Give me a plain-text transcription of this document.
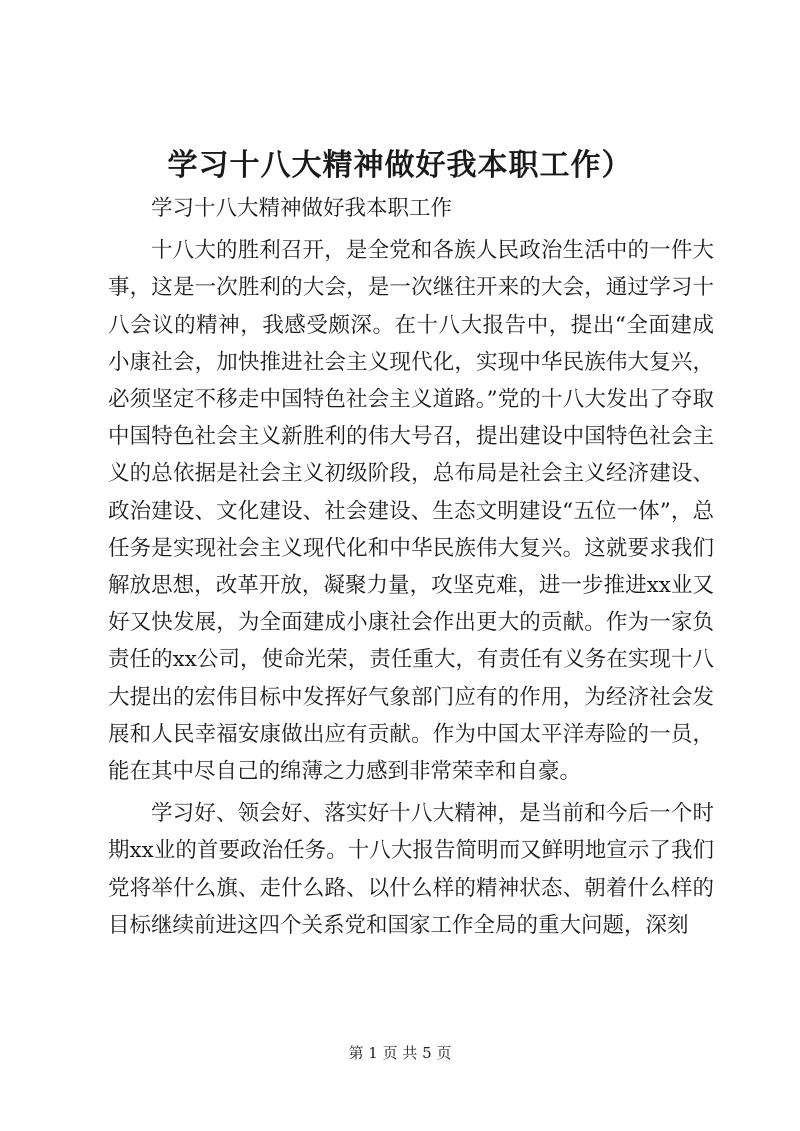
学习十八大精神做好我本职工作）

学习十八大精神做好我本职工作

十八大的胜利召开，是全党和各族人民政治生活中的一件大事，这是一次胜利的大会，是一次继往开来的大会，通过学习十八会议的精神，我感受颇深。在十八大报告中，提出“全面建成小康社会，加快推进社会主义现代化，实现中华民族伟大复兴，必须坚定不移走中国特色社会主义道路。”党的十八大发出了夺取中国特色社会主义新胜利的伟大号召，提出建设中国特色社会主义的总依据是社会主义初级阶段，总布局是社会主义经济建设、政治建设、文化建设、社会建设、生态文明建设“五位一体”，总任务是实现社会主义现代化和中华民族伟大复兴。这就要求我们解放思想，改革开放，凝聚力量，攻坚克难，进一步推进xx业又好又快发展，为全面建成小康社会作出更大的贡献。作为一家负责任的xx公司，使命光荣，责任重大，有责任有义务在实现十八大提出的宏伟目标中发挥好气象部门应有的作用，为经济社会发展和人民幸福安康做出应有贡献。作为中国太平洋寿险的一员，能在其中尽自己的绵薄之力感到非常荣幸和自豪。

学习好、领会好、落实好十八大精神，是当前和今后一个时期xx业的首要政治任务。十八大报告简明而又鲜明地宣示了我们党将举什么旗、走什么路、以什么样的精神状态、朝着什么样的目标继续前进这四个关系党和国家工作全局的重大问题，深刻

第 1 页 共 5 页
